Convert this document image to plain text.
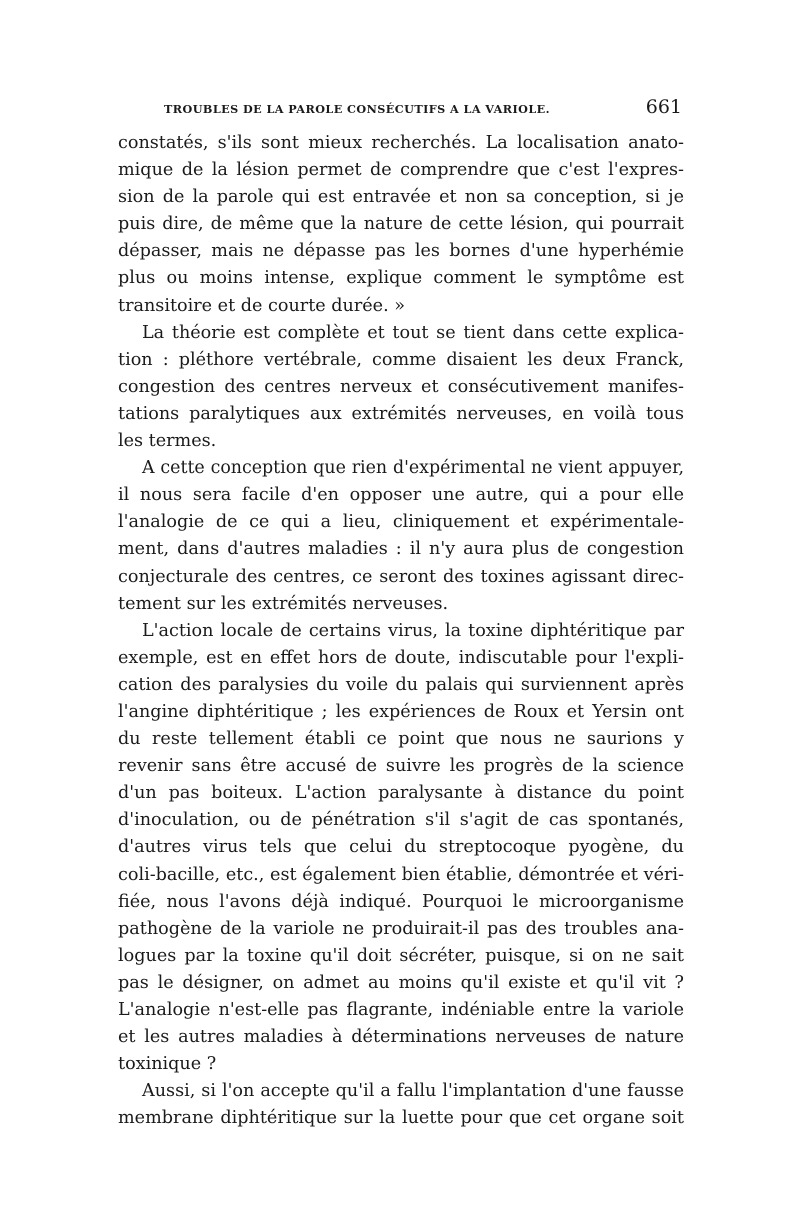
TROUBLES DE LA PAROLE CONSÉCUTIFS A LA VARIOLE.	661
constatés, s'ils sont mieux recherchés. La localisation anato-
mique de la lésion permet de comprendre que c'est l'expres-
sion de la parole qui est entravée et non sa conception, si je
puis dire, de même que la nature de cette lésion, qui pourrait
dépasser, mais ne dépasse pas les bornes d'une hyperhémie
plus ou moins intense, explique comment le symptôme est
transitoire et de courte durée. »
La théorie est complète et tout se tient dans cette explica-
tion : pléthore vertébrale, comme disaient les deux Franck,
congestion des centres nerveux et consécutivement manifes-
tations paralytiques aux extrémités nerveuses, en voilà tous
les termes.
A cette conception que rien d'expérimental ne vient appuyer,
il nous sera facile d'en opposer une autre, qui a pour elle
l'analogie de ce qui a lieu, cliniquement et expérimentale-
ment, dans d'autres maladies : il n'y aura plus de congestion
conjecturale des centres, ce seront des toxines agissant direc-
tement sur les extrémités nerveuses.
L'action locale de certains virus, la toxine diphtéritique par
exemple, est en effet hors de doute, indiscutable pour l'expli-
cation des paralysies du voile du palais qui surviennent après
l'angine diphtéritique ; les expériences de Roux et Yersin ont
du reste tellement établi ce point que nous ne saurions y
revenir sans être accusé de suivre les progrès de la science
d'un pas boiteux. L'action paralysante à distance du point
d'inoculation, ou de pénétration s'il s'agit de cas spontanés,
d'autres virus tels que celui du streptocoque pyogène, du
coli-bacille, etc., est également bien établie, démontrée et véri-
fiée, nous l'avons déjà indiqué. Pourquoi le microorganisme
pathogène de la variole ne produirait-il pas des troubles ana-
logues par la toxine qu'il doit sécréter, puisque, si on ne sait
pas le désigner, on admet au moins qu'il existe et qu'il vit ?
L'analogie n'est-elle pas flagrante, indéniable entre la variole
et les autres maladies à déterminations nerveuses de nature
toxinique ?
Aussi, si l'on accepte qu'il a fallu l'implantation d'une fausse
membrane diphtéritique sur la luette pour que cet organe soit
